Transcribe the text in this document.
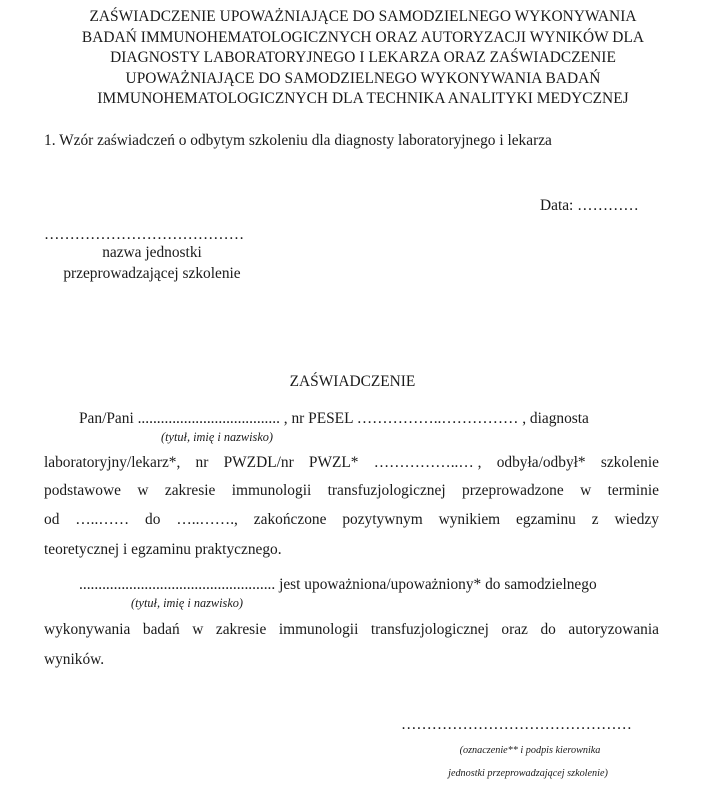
ZAŚWIADCZENIE UPOWAŻNIAJĄCE DO SAMODZIELNEGO WYKONYWANIA
BADAŃ IMMUNOHEMATOLOGICZNYCH ORAZ AUTORYZACJI WYNIKÓW DLA
DIAGNOSTY LABORATORYJNEGO I LEKARZA ORAZ ZAŚWIADCZENIE
UPOWAŻNIAJĄCE DO SAMODZIELNEGO WYKONYWANIA BADAŃ
IMMUNOHEMATOLOGICZNYCH DLA TECHNIKA ANALITYKI MEDYCZNEJ
1. Wzór zaświadczeń o odbytym szkoleniu dla diagnosty laboratoryjnego i lekarza
Data: …………
…………………………………
nazwa jednostki
przeprowadzającej szkolenie
ZAŚWIADCZENIE
Pan/Pani ..................................... , nr PESEL ……………..…………… , diagnosta
(tytuł, imię i nazwisko)
laboratoryjny/lekarz*, nr PWZDL/nr PWZL* ……………..… , odbyła/odbył* szkolenie
podstawowe w zakresie immunologii transfuzjologicznej przeprowadzone w terminie
od …..…… do …..……., zakończone pozytywnym wynikiem egzaminu z wiedzy
teoretycznej i egzaminu praktycznego.
................................................... jest upoważniona/upoważniony* do samodzielnego
(tytuł, imię i nazwisko)
wykonywania badań w zakresie immunologii transfuzjologicznej oraz do autoryzowania
wyników.
………………………………………
(oznaczenie** i podpis kierownika
jednostki przeprowadzającej szkolenie)
